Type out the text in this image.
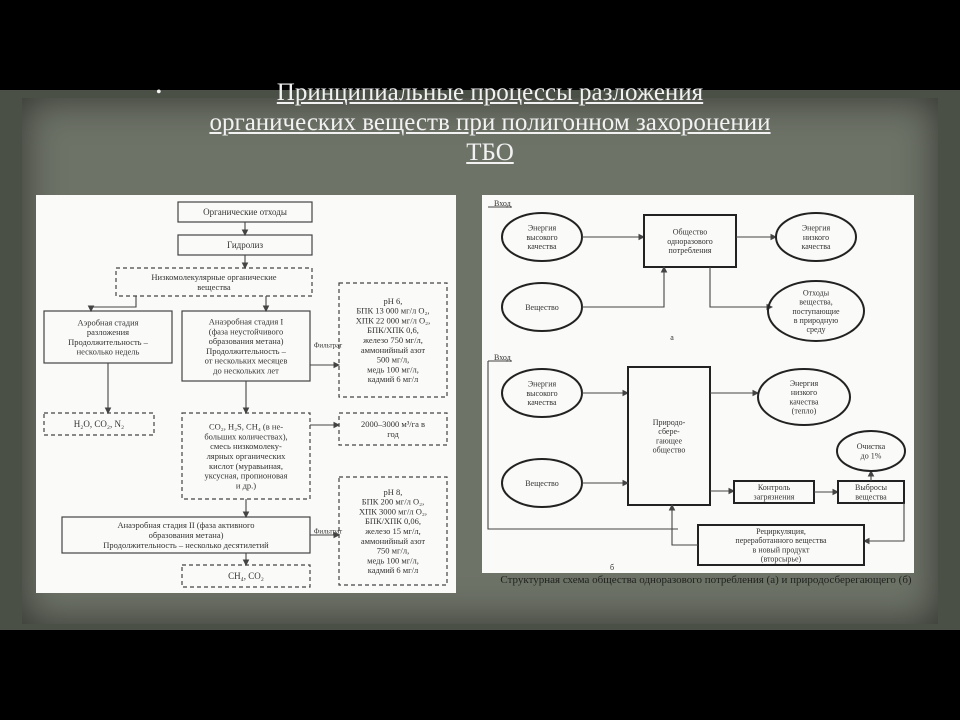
•	Принципиальные процессы разложения
органических веществ при полигонном захоронении
ТБО
Органические отходы
Гидролиз
Низкомолекулярные органические
вещества
Аэробная стадия
разложения
Продолжительность –
несколько недель
Анаэробная стадия I
(фаза неустойчивого
образования метана)
Продолжительность –
от нескольких месяцев
до нескольких лет
pH 6,
БПК 13 000 мг/л O₂,
ХПК 22 000 мг/л O₂,
БПК/ХПК 0,6,
железо 750 мг/л,
аммонийный азот
500 мг/л,
медь 100 мг/л,
кадмий 6 мг/л
Фильтрат
H₂O, CO₂, N₂	CO₂, H₂S, CH₄ (в не-
больших количествах),
смесь низкомолеку-
лярных органических
кислот (муравьиная,
уксусная, пропионовая
и др.)
2000–3000 м³/га в
год
Анаэробная стадия II (фаза активного
образования метана)
Продолжительность – несколько десятилетий
pH 8,
БПК 200 мг/л O₂,
ХПК 3000 мг/л O₂,
БПК/ХПК 0,06,
железо 15 мг/л,
аммонийный азот
750 мг/л,
медь 100 мг/л,
кадмий 6 мг/л
Фильтрат
CH₄, CO₂
Вход
Энергия
высокого
качества
Общество
одноразового
потребления
Энергия
низкого
качества
Вещество
Отходы
вещества,
поступающие
в природную
среду
a
Вход
Энергия
высокого
качества
Природо-
сбере-
гающее
общество
Энергия
низкого
качества
(тепло)
Вещество	Контроль
загрязнения
Выбросы
вещества
Очистка
до 1%
Рециркуляция,
переработанного вещества
в новый продукт
(вторсырье)
б
Структурная схема общества одноразового потребления (а) и природосберегающего (б)
